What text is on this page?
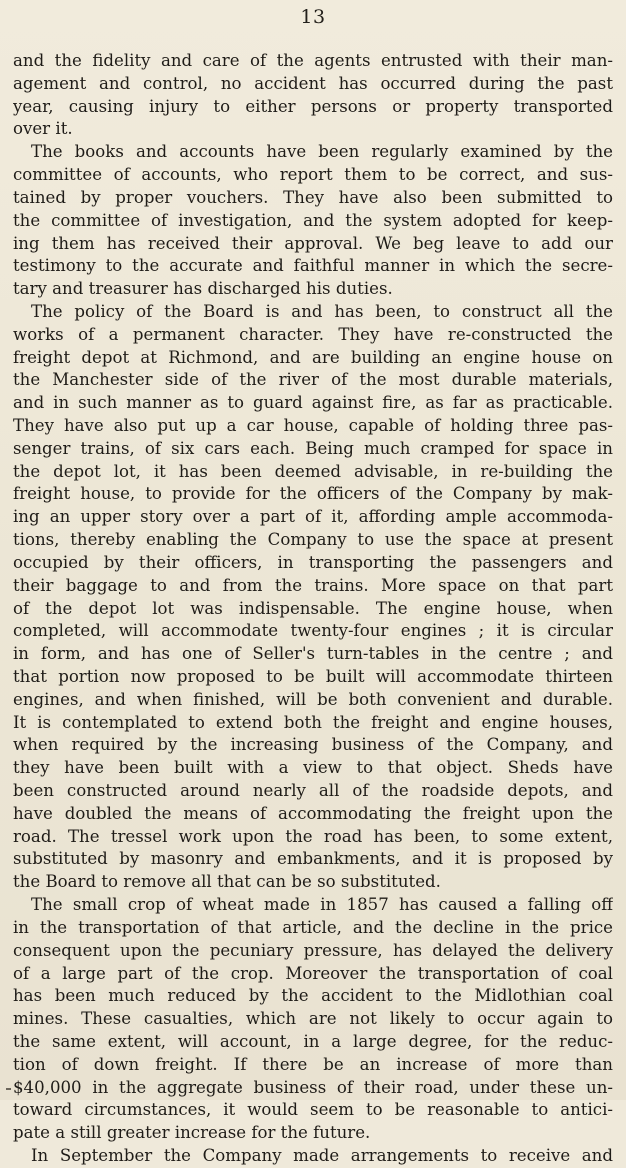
13
and the fidelity and care of the agents entrusted with their man-
agement and control, no accident has occurred during the past
year, causing injury to either persons or property transported
over it.
The books and accounts have been regularly examined by the
committee of accounts, who report them to be correct, and sus-
tained by proper vouchers. They have also been submitted to
the committee of investigation, and the system adopted for keep-
ing them has received their approval. We beg leave to add our
testimony to the accurate and faithful manner in which the secre-
tary and treasurer has discharged his duties.
The policy of the Board is and has been, to construct all the
works of a permanent character. They have re-constructed the
freight depot at Richmond, and are building an engine house on
the Manchester side of the river of the most durable materials,
and in such manner as to guard against fire, as far as practicable.
They have also put up a car house, capable of holding three pas-
senger trains, of six cars each. Being much cramped for space in
the depot lot, it has been deemed advisable, in re-building the
freight house, to provide for the officers of the Company by mak-
ing an upper story over a part of it, affording ample accommoda-
tions, thereby enabling the Company to use the space at present
occupied by their officers, in transporting the passengers and
their baggage to and from the trains. More space on that part
of the depot lot was indispensable. The engine house, when
completed, will accommodate twenty-four engines ; it is circular
in form, and has one of Seller's turn-tables in the centre ; and
that portion now proposed to be built will accommodate thirteen
engines, and when finished, will be both convenient and durable.
It is contemplated to extend both the freight and engine houses,
when required by the increasing business of the Company, and
they have been built with a view to that object. Sheds have
been constructed around nearly all of the roadside depots, and
have doubled the means of accommodating the freight upon the
road. The tressel work upon the road has been, to some extent,
substituted by masonry and embankments, and it is proposed by
the Board to remove all that can be so substituted.
The small crop of wheat made in 1857 has caused a falling off
in the transportation of that article, and the decline in the price
consequent upon the pecuniary pressure, has delayed the delivery
of a large part of the crop. Moreover the transportation of coal
has been much reduced by the accident to the Midlothian coal
mines. These casualties, which are not likely to occur again to
the same extent, will account, in a large degree, for the reduc-
tion of down freight. If there be an increase of more than
$40,000 in the aggregate business of their road, under these un-
toward circumstances, it would seem to be reasonable to antici-
pate a still greater increase for the future.
In September the Company made arrangements to receive and
